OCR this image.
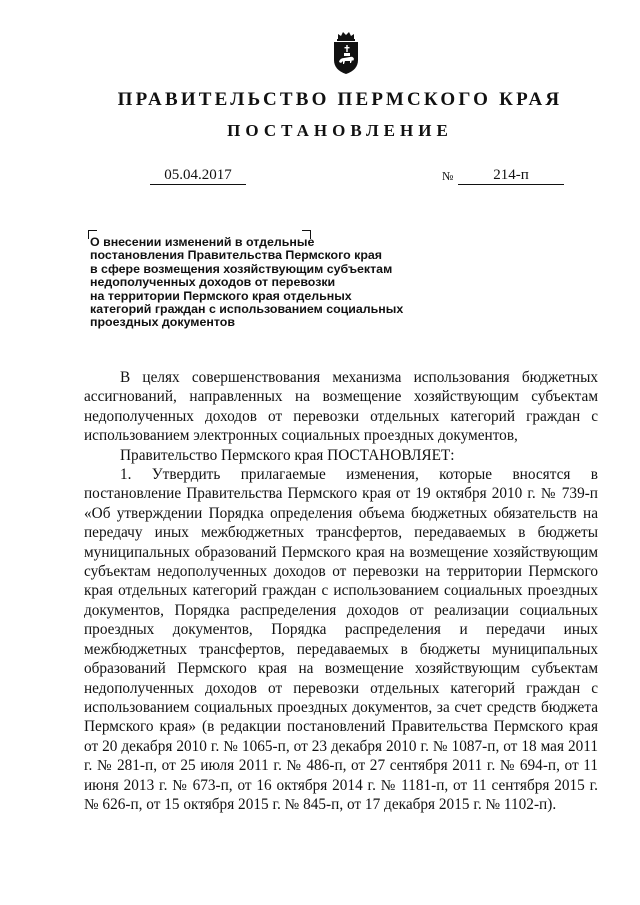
ПРАВИТЕЛЬСТВО ПЕРМСКОГО КРАЯ
ПОСТАНОВЛЕНИЕ
05.04.2017	№	214-п
О внесении изменений в отдельные
постановления Правительства Пермского края
в сфере возмещения хозяйствующим субъектам
недополученных доходов от перевозки
на территории Пермского края отдельных
категорий граждан с использованием социальных
проездных документов

В целях совершенствования механизма использования бюджетных ассигнований, направленных на возмещение хозяйствующим субъектам недополученных доходов от перевозки отдельных категорий граждан с использованием электронных социальных проездных документов,

Правительство Пермского края ПОСТАНОВЛЯЕТ:

1. Утвердить прилагаемые изменения, которые вносятся в постановление Правительства Пермского края от 19 октября 2010 г. № 739-п «Об утверждении Порядка определения объема бюджетных обязательств на передачу иных межбюджетных трансфертов, передаваемых в бюджеты муниципальных образований Пермского края на возмещение хозяйствующим субъектам недополученных доходов от перевозки на территории Пермского края отдельных категорий граждан с использованием социальных проездных документов, Порядка распределения доходов от реализации социальных проездных документов, Порядка распределения и передачи иных межбюджетных трансфертов, передаваемых в бюджеты муниципальных образований Пермского края на возмещение хозяйствующим субъектам недополученных доходов от перевозки отдельных категорий граждан с использованием социальных проездных документов, за счет средств бюджета Пермского края» (в редакции постановлений Правительства Пермского края от 20 декабря 2010 г. № 1065-п, от 23 декабря 2010 г. № 1087-п, от 18 мая 2011 г. № 281-п, от 25 июля 2011 г. № 486-п, от 27 сентября 2011 г. № 694-п, от 11 июня 2013 г. № 673-п, от 16 октября 2014 г. № 1181-п, от 11 сентября 2015 г. № 626-п, от 15 октября 2015 г. № 845-п, от 17 декабря 2015 г. № 1102-п).
